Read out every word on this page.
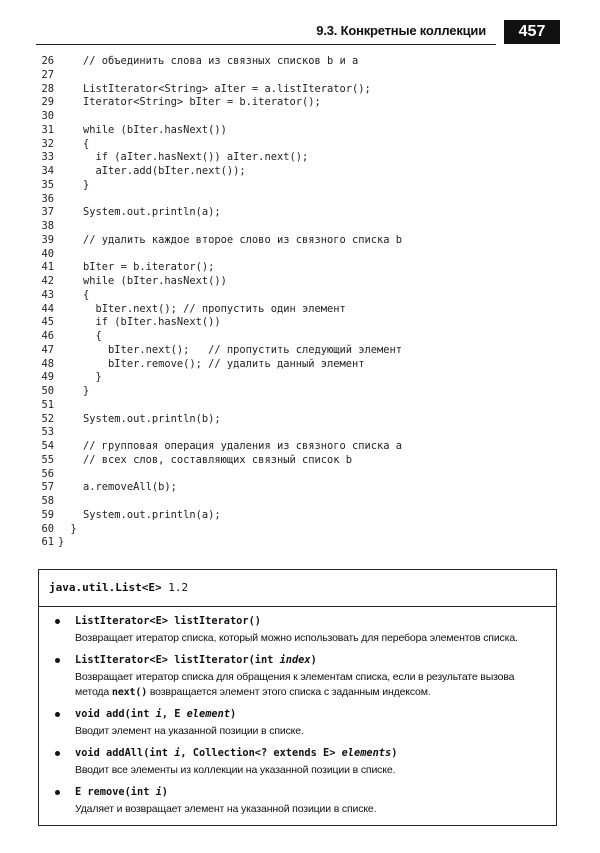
9.3. Конкретные коллекции	457
26 // объединить слова из связных списков b и a
27
28 ListIterator<String> aIter = a.listIterator();
29 Iterator<String> bIter = b.iterator();
30
31 while (bIter.hasNext())
32 {
33 if (aIter.hasNext()) aIter.next();
34 aIter.add(bIter.next());
35 }
36
37 System.out.println(a);
38
39 // удалить каждое второе слово из связного списка b
40
41 bIter = b.iterator();
42 while (bIter.hasNext())
43 {
44 bIter.next(); // пропустить один элемент
45 if (bIter.hasNext())
46 {
47 bIter.next();   // пропустить следующий элемент
48 bIter.remove(); // удалить данный элемент
49 }
50 }
51
52 System.out.println(b);
53
54 // групповая операция удаления из связного списка a
55 // всех слов, составляющих связный список b
56
57 a.removeAll(b);
58
59 System.out.println(a);
60 }
61 }
java.util.List<E> 1.2
ListIterator<E> listIterator()
Возвращает итератор списка, который можно использовать для перебора элементов списка.
ListIterator<E> listIterator(int index)
Возвращает итератор списка для обращения к элементам списка, если в результате вызова метода next() возвращается элемент этого списка с заданным индексом.
void add(int i, E element)
Вводит элемент на указанной позиции в списке.
void addAll(int i, Collection<? extends E> elements)
Вводит все элементы из коллекции на указанной позиции в списке.
E remove(int i)
Удаляет и возвращает элемент на указанной позиции в списке.
